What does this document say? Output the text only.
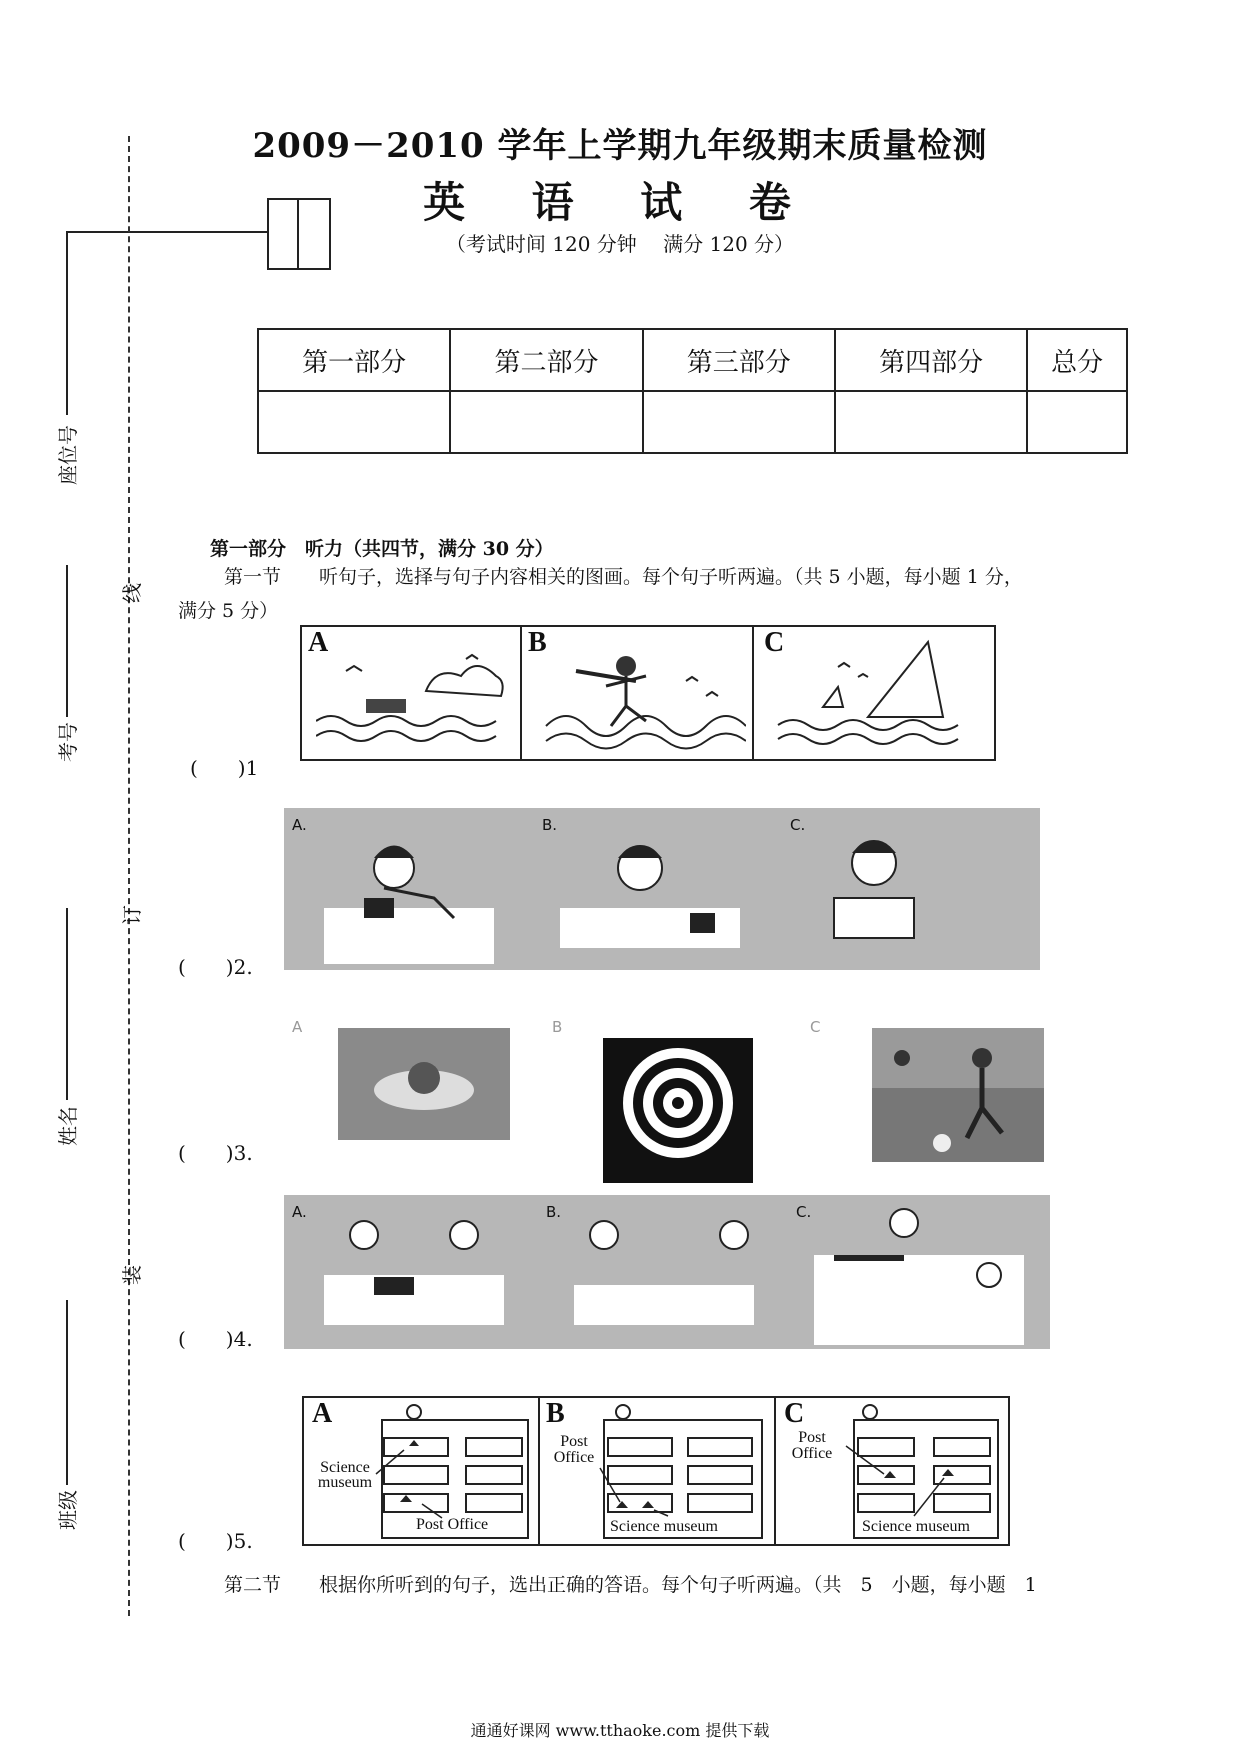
2009－2010 学年上学期九年级期末质量检测
英 语 试 卷
（考试时间 120 分钟　 满分 120 分）
座位号
考号
姓名
班级
线
订
装
第一部分	第二部分	第三部分	第四部分	总分

第一部分　听力（共四节，满分 30 分）
第一节　　听句子，选择与句子内容相关的图画。每个句子听两遍。（共 5 小题，每小题 1 分，
满分 5 分）
A	B	C
(　　)1
A.	B.	C.
(　　)2.
A	B	C
(　　)3.
A.	B.	C.
(　　)4.
A
Science museum
Post Office
B
Post Office
Science museum
C
Post Office
Science museum
(　　)5.
第二节　　根据你所听到的句子，选出正确的答语。每个句子听两遍。（共　5　小题，每小题　1
通通好课网 www.tthaoke.com 提供下载
